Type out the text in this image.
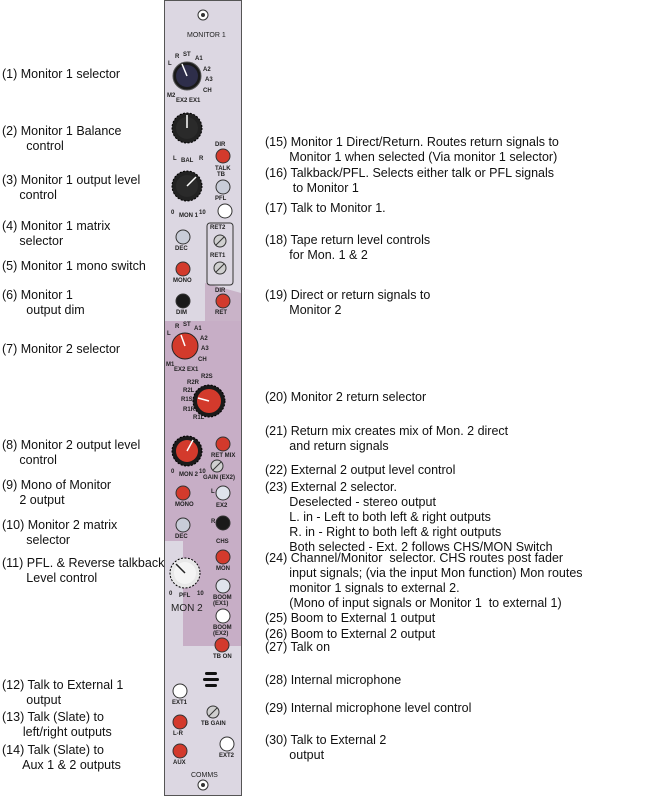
(1) Monitor 1 selector
(2) Monitor 1 Balance
control
(3) Monitor 1 output level
control
(4) Monitor 1 matrix
selector
(5) Monitor 1 mono switch
(6) Monitor 1
output dim
(7) Monitor 2 selector
(8) Monitor 2 output level
control
(9) Mono of Monitor
2 output
(10) Monitor 2 matrix
selector
(11) PFL. & Reverse talkback
Level control
(12) Talk to External 1
output
(13) Talk (Slate) to
left/right outputs
(14) Talk (Slate) to
Aux 1 & 2 outputs
(15) Monitor 1 Direct/Return. Routes return signals to
Monitor 1 when selected (Via monitor 1 selector)
(16) Talkback/PFL. Selects either talk or PFL signals
to Monitor 1
(17) Talk to Monitor 1.
(18) Tape return level controls
for Mon. 1 & 2
(19) Direct or return signals to
Monitor 2
(20) Monitor 2 return selector
(21) Return mix creates mix of Mon. 2 direct
and return signals
(22) External 2 output level control
(23) External 2 selector.
Deselected - stereo output
L. in - Left to both left & right outputs
R. in - Right to both left & right outputs
Both selected - Ext. 2 follows CHS/MON Switch
(24) Channel/Monitor  selector. CHS routes post fader
input signals; (via the input Mon function) Mon routes
monitor 1 signals to external 2.
(Mono of input signals or Monitor 1  to external 1)
(25) Boom to External 1 output
(26) Boom to External 2 output
(27) Talk on
(28) Internal microphone
(29) Internal microphone level control
(30) Talk to External 2
output
MONITOR 1
COMMS
MON 2
L
R ST
A1
A2
A3
CH
M2
EX2 EX1
L BAL R
0 MON 1 10
DIR
TALK
TB
PFL
RET2
RET1
DEC
MONO
DIM
DIR
RET
L
R ST
A1
A2
A3
CH
M1
EX2 EX1
R2S
R2R
R2L
R1S
R1R
R1L
0 MON 2 10
RET MIX
GAIN (EX2)
L
R
EX2
CHS
MON
BOOM
(EX1)
BOOM
(EX2)
TB ON
MONO
DEC
0 PFL 10
EXT1
L-R
AUX
TB GAIN
EXT2
